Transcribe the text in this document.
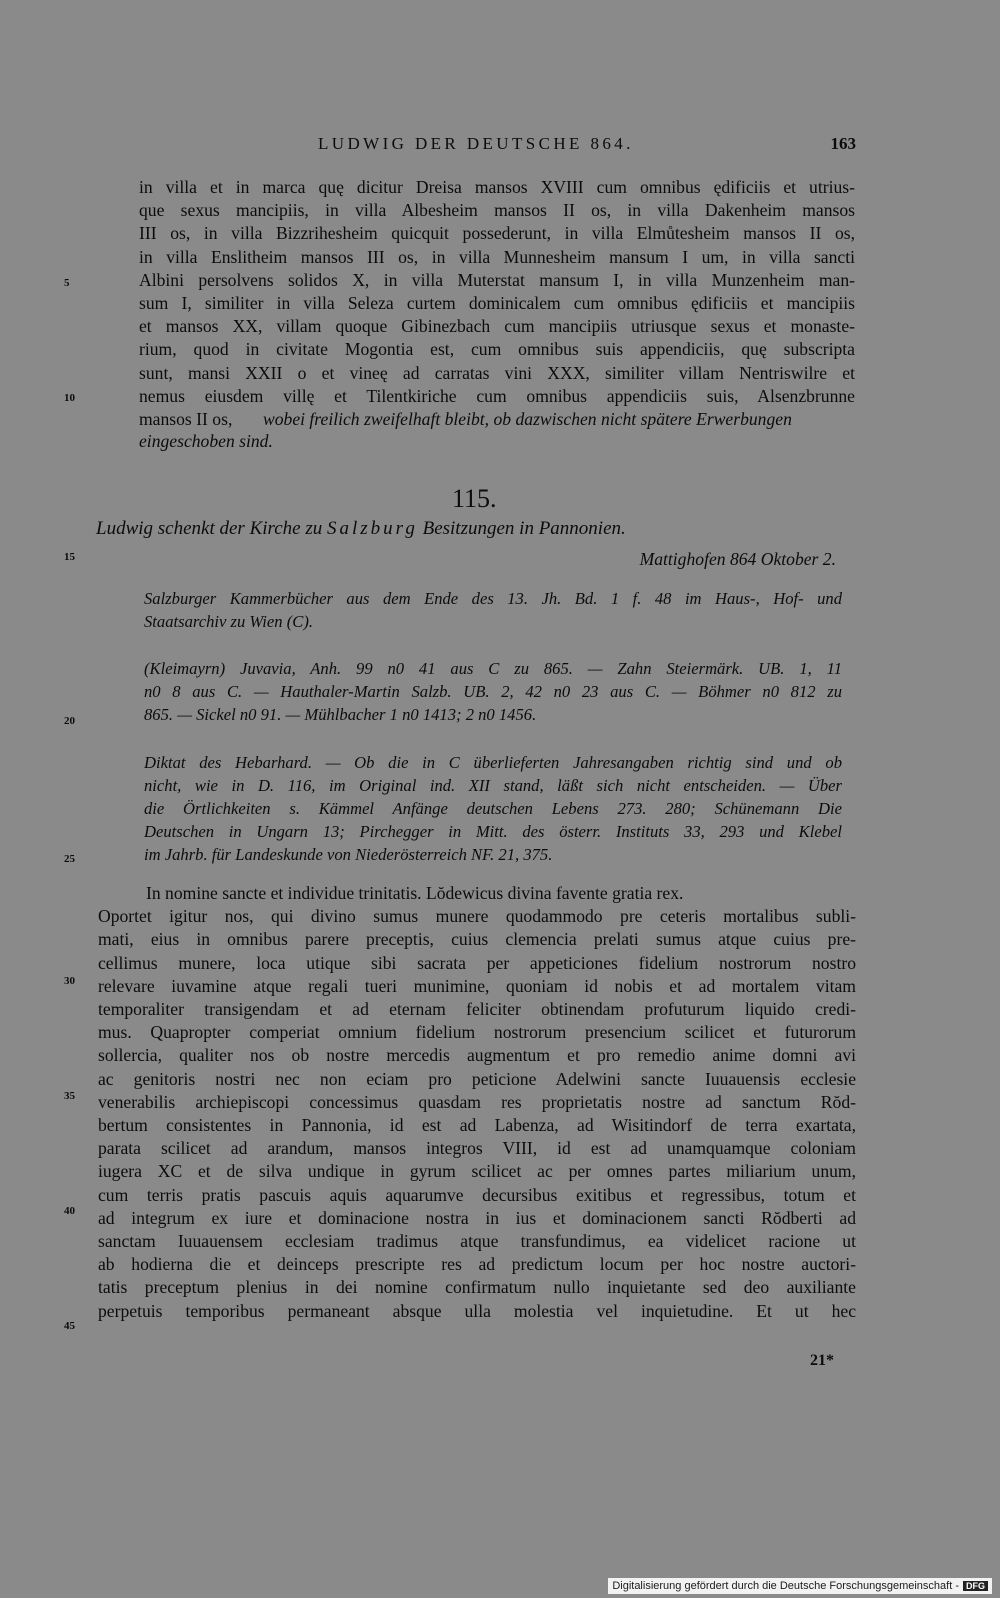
LUDWIG DER DEUTSCHE 864.	163
in villa et in marca quę dicitur Dreisa mansos XVIII cum omnibus ędificiis et utrius-
que sexus mancipiis, in villa Albesheim mansos II os, in villa Dakenheim mansos
III os, in villa Bizzrihesheim quicquit possederunt, in villa Elmůtesheim mansos II os,
in villa Enslitheim mansos III os, in villa Munnesheim mansum I um, in villa sancti
Albini persolvens solidos X, in villa Muterstat mansum I, in villa Munzenheim man-
sum I, similiter in villa Seleza curtem dominicalem cum omnibus ędificiis et mancipiis
et mansos XX, villam quoque Gibinezbach cum mancipiis utriusque sexus et monaste-
rium, quod in civitate Mogontia est, cum omnibus suis appendiciis, quę subscripta
sunt, mansi XXII o et vineę ad carratas vini XXX, similiter villam Nentriswilre et
nemus eiusdem villę et Tilentkiriche cum omnibus appendiciis suis, Alsenzbrunne
mansos II os, wobei freilich zweifelhaft bleibt, ob dazwischen nicht spätere Erwerbungen
eingeschoben sind.
115.
Ludwig schenkt der Kirche zu Salzburg Besitzungen in Pannonien.
Mattighofen 864 Oktober 2.
Salzburger Kammerbücher aus dem Ende des 13. Jh. Bd. 1 f. 48 im Haus-, Hof- und
Staatsarchiv zu Wien (C).
(Kleimayrn) Juvavia, Anh. 99 n0 41 aus C zu 865. — Zahn Steiermärk. UB. 1, 11
n0 8 aus C. — Hauthaler-Martin Salzb. UB. 2, 42 n0 23 aus C. — Böhmer n0 812 zu
865. — Sickel n0 91. — Mühlbacher 1 n0 1413; 2 n0 1456.
Diktat des Hebarhard. — Ob die in C überlieferten Jahresangaben richtig sind und ob
nicht, wie in D. 116, im Original ind. XII stand, läßt sich nicht entscheiden. — Über
die Örtlichkeiten s. Kämmel Anfänge deutschen Lebens 273. 280; Schünemann Die
Deutschen in Ungarn 13; Pirchegger in Mitt. des österr. Instituts 33, 293 und Klebel
im Jahrb. für Landeskunde von Niederösterreich NF. 21, 375.
In nomine sancte et individue trinitatis. Lŏdewicus divina favente gratia rex.
Oportet igitur nos, qui divino sumus munere quodammodo pre ceteris mortalibus subli-
mati, eius in omnibus parere preceptis, cuius clemencia prelati sumus atque cuius pre-
cellimus munere, loca utique sibi sacrata per appeticiones fidelium nostrorum nostro
relevare iuvamine atque regali tueri munimine, quoniam id nobis et ad mortalem vitam
temporaliter transigendam et ad eternam feliciter obtinendam profuturum liquido credi-
mus. Quapropter comperiat omnium fidelium nostrorum presencium scilicet et futurorum
sollercia, qualiter nos ob nostre mercedis augmentum et pro remedio anime domni avi
ac genitoris nostri nec non eciam pro peticione Adelwini sancte Iuuauensis ecclesie
venerabilis archiepiscopi concessimus quasdam res proprietatis nostre ad sanctum Rŏd-
bertum consistentes in Pannonia, id est ad Labenza, ad Wisitindorf de terra exartata,
parata scilicet ad arandum, mansos integros VIII, id est ad unamquamque coloniam
iugera XC et de silva undique in gyrum scilicet ac per omnes partes miliarium unum,
cum terris pratis pascuis aquis aquarumve decursibus exitibus et regressibus, totum et
ad integrum ex iure et dominacione nostra in ius et dominacionem sancti Rŏdberti ad
sanctam Iuuauensem ecclesiam tradimus atque transfundimus, ea videlicet racione ut
ab hodierna die et deinceps prescripte res ad predictum locum per hoc nostre auctori-
tatis preceptum plenius in dei nomine confirmatum nullo inquietante sed deo auxiliante
perpetuis temporibus permaneant absque ulla molestia vel inquietudine. Et ut hec
5
10
15
20
25
30
35
40
45
21*
Digitalisierung gefördert durch die Deutsche Forschungsgemeinschaft - DFG
